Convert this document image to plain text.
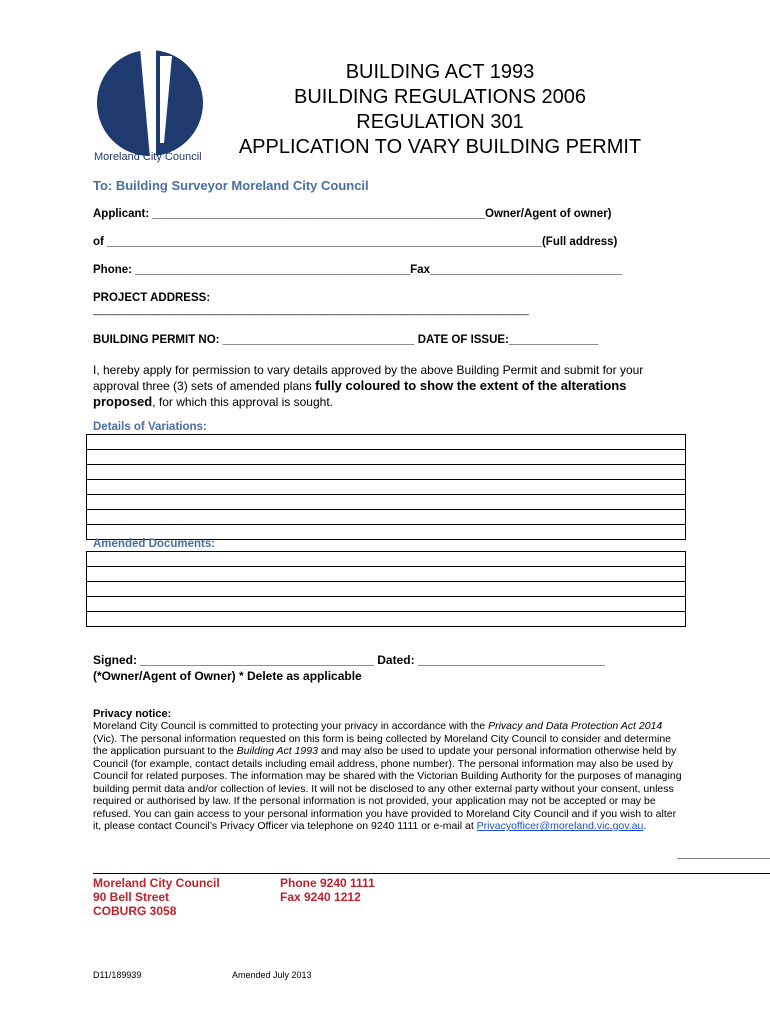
Moreland City Council
BUILDING ACT 1993
BUILDING REGULATIONS 2006
REGULATION 301
APPLICATION TO VARY BUILDING PERMIT
To: Building Surveyor Moreland City Council
Applicant: ____________________________________________________Owner/Agent of owner)
of ____________________________________________________________________(Full address)
Phone: ___________________________________________Fax______________________________
PROJECT ADDRESS:
______________________________________________________________________________________
BUILDING PERMIT NO: ______________________________ DATE OF ISSUE:______________
I, hereby apply for permission to vary details approved by the above Building Permit and submit for your approval three (3) sets of amended plans fully coloured to show the extent of the alterations proposed, for which this approval is sought.
Details of Variations:
Amended Documents:
Signed: ___________________________________ Dated: ____________________________
(*Owner/Agent of Owner) * Delete as applicable
Privacy notice:
Moreland City Council is committed to protecting your privacy in accordance with the Privacy and Data Protection Act 2014 (Vic). The personal information requested on this form is being collected by Moreland City Council to consider and determine the application pursuant to the Building Act 1993 and may also be used to update your personal information otherwise held by Council (for example, contact details including email address, phone number). The personal information may also be used by Council for related purposes. The information may be shared with the Victorian Building Authority for the purposes of managing building permit data and/or collection of levies. It will not be disclosed to any other external party without your consent, unless required or authorised by law. If the personal information is not provided, your application may not be accepted or may be refused. You can gain access to your personal information you have provided to Moreland City Council and if you wish to alter it, please contact Council’s Privacy Officer via telephone on 9240 1111 or e-mail at Privacyofficer@moreland.vic.gov.au.
Moreland City Council
90 Bell Street
COBURG 3058
Phone 9240 1111
Fax 9240 1212
D11/189939	Amended July 2013
